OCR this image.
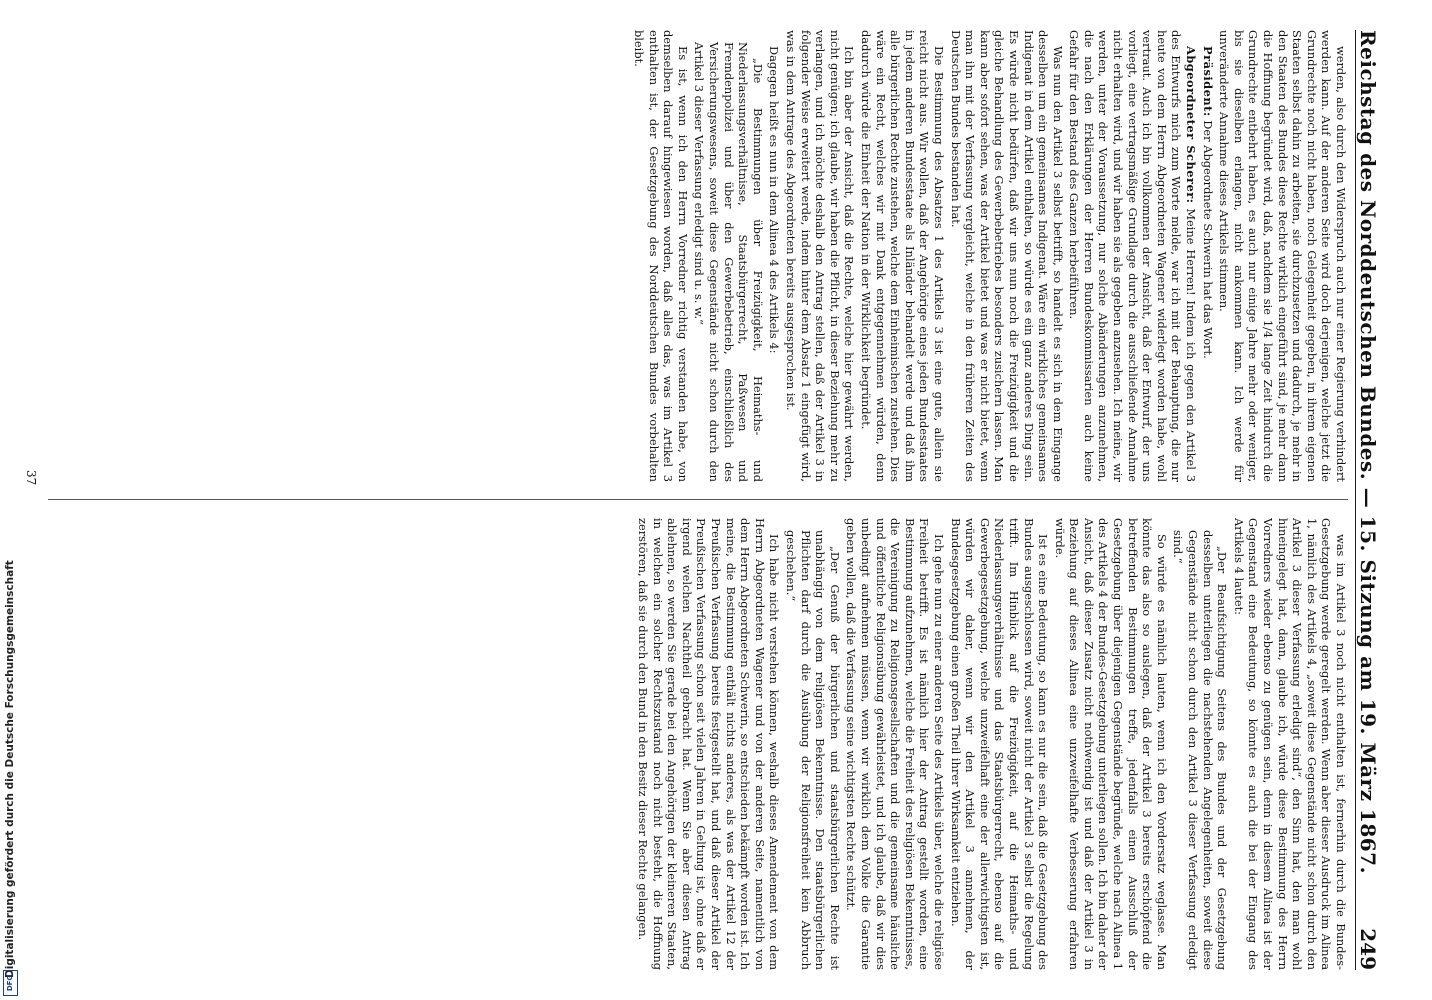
Reichstag des Norddeutschen Bundes. — 15. Sitzung am 19. März 1867.
249

werden, also durch den Widerspruch auch nur einer Regierung verhindert werden kann. Auf der anderen Seite wird doch derjenigen, welche jetzt die Grundrechte noch nicht haben, noch Gelegenheit gegeben, in ihrem eigenen Staaten selbst dahin zu arbeiten, sie durchzusetzen und dadurch, je mehr in den Staaten des Bundes diese Rechte wirklich eingeführt sind, je mehr dann die Hoffnung begründet wird, daß, nachdem sie 1/4 lange Zeit hindurch die Grundrechte entbehrt haben, es auch nur einige Jahre mehr oder weniger, bis sie dieselben erlangen, nicht ankommen kann. Ich werde für unveränderte Annahme dieses Artikels stimmen.

Präsident: Der Abgeordnete Schwerin hat das Wort.

Abgeordneter Scherer: Meine Herren! Indem ich gegen den Artikel 3 des Entwurfs mich zum Worte melde, war ich mit der Behauptung, die nur heute von dem Herrn Abgeordneten Wagener widerlegt worden habe, wohl vertraut. Auch ich bin vollkommen der Ansicht, daß der Entwurf, der uns vorliegt, eine vertragsmäßige Grundlage durch die ausschließende Annahme nicht erhalten wird, und wir haben sie als gegeben anzusehen. Ich meine, wir werden, unter der Voraussetzung, nur solche Abänderungen anzunehmen, die nach den Erklärungen der Herren Bundeskommissarien auch keine Gefahr für den Bestand des Ganzen herbeiführen.

Was nun den Artikel 3 selbst betrifft, so handelt es sich in dem Eingange desselben um ein gemeinsames Indigenat. Wäre ein wirkliches gemeinsames Indigenat in dem Artikel enthalten, so würde es ein ganz anderes Ding sein. Es würde nicht bedürfen, daß wir uns nun noch die Freizügigkeit und die gleiche Behandlung des Gewerbebetriebes besonders zusichern lassen. Man kann aber sofort sehen, was der Artikel bietet und was er nicht bietet, wenn man ihn mit der Verfassung vergleicht, welche in den früheren Zeiten des Deutschen Bundes bestanden hat.

Die Bestimmung des Absatzes 1 des Artikels 3 ist eine gute, allein sie reicht nicht aus. Wir wollen, daß der Angehörige eines jeden Bundesstaates in jedem anderen Bundesstaate als Inländer behandelt werde und daß ihm alle bürgerlichen Rechte zustehen, welche dem Einheimischen zustehen. Dies wäre ein Recht, welches wir mit Dank entgegennehmen würden, denn dadurch würde die Einheit der Nation in der Wirklichkeit begründet.

Ich bin aber der Ansicht, daß die Rechte, welche hier gewährt werden, nicht genügen; ich glaube, wir haben die Pflicht, in dieser Beziehung mehr zu verlangen, und ich möchte deshalb den Antrag stellen, daß der Artikel 3 in folgender Weise erweitert werde, indem hinter dem Absatz 1 eingefügt wird, was in dem Antrage des Abgeordneten bereits ausgesprochen ist.

Dagegen heißt es nun in dem Alinea 4 des Artikels 4:

„Die Bestimmungen über Freizügigkeit, Heimaths- und Niederlassungsverhältnisse, Staatsbürgerrecht, Paßwesen und Fremdenpolizei und über den Gewerbebetrieb, einschließlich des Versicherungswesens, soweit diese Gegenstände nicht schon durch den Artikel 3 dieser Verfassung erledigt sind u. s. w.“

Es ist, wenn ich den Herrn Vorredner richtig verstanden habe, von demselben darauf hingewiesen worden, daß alles das, was im Artikel 3 enthalten ist, der Gesetzgebung des Norddeutschen Bundes vorbehalten bleibt.

was im Artikel 3 noch nicht enthalten ist, fernerhin durch die Bundes-Gesetzgebung werde geregelt werden. Wenn aber dieser Ausdruck im Alinea 1, nämlich des Artikels 4, „soweit diese Gegenstände nicht schon durch den Artikel 3 dieser Verfassung erledigt sind“, den Sinn hat, den man wohl hineingelegt hat, dann, glaube ich, würde diese Bestimmung des Herrn Vorredners wieder ebenso zu genügen sein, denn in diesem Alinea ist der Gegenstand eine Bedeutung, so könnte es auch die bei der Eingang des Artikels 4 lautet:

„Der Beaufsichtigung Seitens des Bundes und der Gesetzgebung desselben unterliegen die nachstehenden Angelegenheiten, soweit diese Gegenstände nicht schon durch den Artikel 3 dieser Verfassung erledigt sind.“

So würde es nämlich lauten, wenn ich den Vordersatz weglasse. Man könnte das also so auslegen, daß der Artikel 3 bereits erschöpfend die betreffenden Bestimmungen treffe, jedenfalls einen Ausschluß der Gesetzgebung über diejenigen Gegenstände begründe, welche nach Alinea 1 des Artikels 4 der Bundes-Gesetzgebung unterliegen sollen. Ich bin daher der Ansicht, daß dieser Zusatz nicht nothwendig ist und daß der Artikel 3 in Beziehung auf dieses Alinea eine unzweifelhafte Verbesserung erfahren würde.

Ist es eine Bedeutung, so kann es nur die sein, daß die Gesetzgebung des Bundes ausgeschlossen wird, soweit nicht der Artikel 3 selbst die Regelung trifft. Im Hinblick auf die Freizügigkeit, auf die Heimaths- und Niederlassungsverhältnisse und das Staatsbürgerrecht, ebenso auf die Gewerbegesetzgebung, welche unzweifelhaft eine der allerwichtigsten ist, würden wir daher, wenn wir den Artikel 3 annehmen, der Bundesgesetzgebung einen großen Theil ihrer Wirksamkeit entziehen.

Ich gehe nun zu einer anderen Seite des Artikels über, welche die religiöse Freiheit betrifft. Es ist nämlich hier der Antrag gestellt worden, eine Bestimmung aufzunehmen, welche die Freiheit des religiösen Bekenntnisses, die Vereinigung zu Religionsgesellschaften und die gemeinsame häusliche und öffentliche Religionsübung gewährleistet, und ich glaube, daß wir dies unbedingt aufnehmen müssen, wenn wir wirklich dem Volke die Garantie geben wollen, daß die Verfassung seine wichtigsten Rechte schützt.

„Der Genuß der bürgerlichen und staatsbürgerlichen Rechte ist unabhängig von dem religiösen Bekenntnisse. Den staatsbürgerlichen Pflichten darf durch die Ausübung der Religionsfreiheit kein Abbruch geschehen.“

Ich habe nicht verstehen können, weshalb dieses Amendement von dem Herrn Abgeordneten Wagener und von der anderen Seite, namentlich von dem Herrn Abgeordneten Schwerin, so entschieden bekämpft worden ist. Ich meine, die Bestimmung enthält nichts anderes, als was der Artikel 12 der Preußischen Verfassung bereits festgestellt hat, und daß dieser Artikel der Preußischen Verfassung schon seit vielen Jahren in Geltung ist, ohne daß er irgend welchen Nachtheil gebracht hat. Wenn Sie aber diesen Antrag ablehnen, so werden Sie gerade bei den Angehörigen der kleineren Staaten, in welchen ein solcher Rechtszustand noch nicht besteht, die Hoffnung zerstören, daß sie durch den Bund in den Besitz dieser Rechte gelangen.

37
Digitalisierung gefördert durch die Deutsche Forschungsgemeinschaft
DFG
